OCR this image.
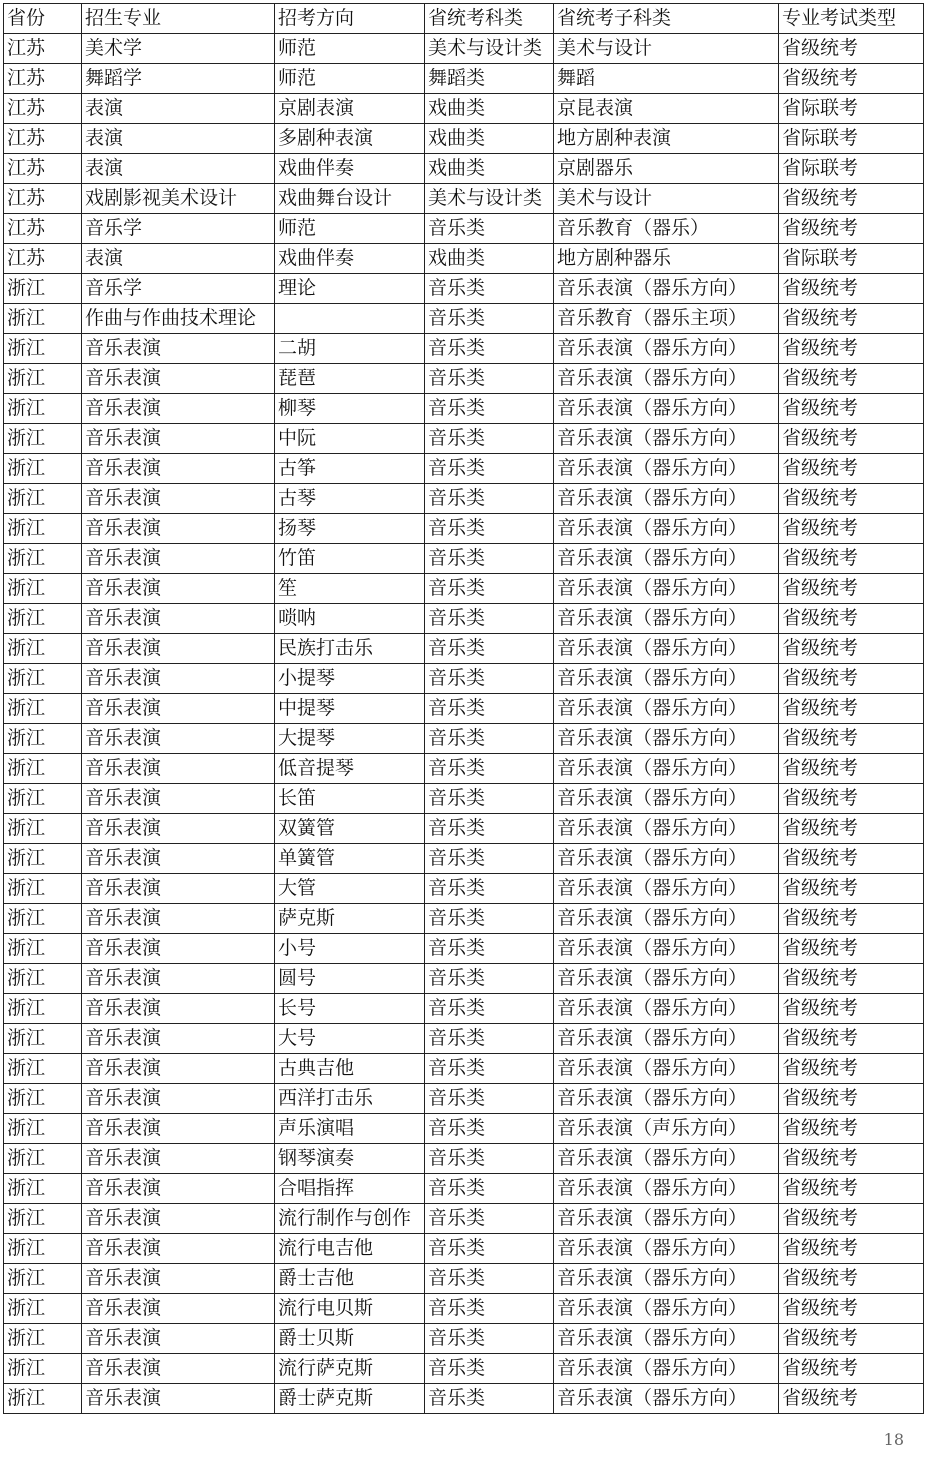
省份	招生专业	招考方向	省统考科类	省统考子科类	专业考试类型
江苏	美术学	师范	美术与设计类	美术与设计	省级统考
江苏	舞蹈学	师范	舞蹈类	舞蹈	省级统考
江苏	表演	京剧表演	戏曲类	京昆表演	省际联考
江苏	表演	多剧种表演	戏曲类	地方剧种表演	省际联考
江苏	表演	戏曲伴奏	戏曲类	京剧器乐	省际联考
江苏	戏剧影视美术设计	戏曲舞台设计	美术与设计类	美术与设计	省级统考
江苏	音乐学	师范	音乐类	音乐教育（器乐）	省级统考
江苏	表演	戏曲伴奏	戏曲类	地方剧种器乐	省际联考
浙江	音乐学	理论	音乐类	音乐表演（器乐方向）	省级统考
浙江	作曲与作曲技术理论		音乐类	音乐教育（器乐主项）	省级统考
浙江	音乐表演	二胡	音乐类	音乐表演（器乐方向）	省级统考
浙江	音乐表演	琵琶	音乐类	音乐表演（器乐方向）	省级统考
浙江	音乐表演	柳琴	音乐类	音乐表演（器乐方向）	省级统考
浙江	音乐表演	中阮	音乐类	音乐表演（器乐方向）	省级统考
浙江	音乐表演	古筝	音乐类	音乐表演（器乐方向）	省级统考
浙江	音乐表演	古琴	音乐类	音乐表演（器乐方向）	省级统考
浙江	音乐表演	扬琴	音乐类	音乐表演（器乐方向）	省级统考
浙江	音乐表演	竹笛	音乐类	音乐表演（器乐方向）	省级统考
浙江	音乐表演	笙	音乐类	音乐表演（器乐方向）	省级统考
浙江	音乐表演	唢呐	音乐类	音乐表演（器乐方向）	省级统考
浙江	音乐表演	民族打击乐	音乐类	音乐表演（器乐方向）	省级统考
浙江	音乐表演	小提琴	音乐类	音乐表演（器乐方向）	省级统考
浙江	音乐表演	中提琴	音乐类	音乐表演（器乐方向）	省级统考
浙江	音乐表演	大提琴	音乐类	音乐表演（器乐方向）	省级统考
浙江	音乐表演	低音提琴	音乐类	音乐表演（器乐方向）	省级统考
浙江	音乐表演	长笛	音乐类	音乐表演（器乐方向）	省级统考
浙江	音乐表演	双簧管	音乐类	音乐表演（器乐方向）	省级统考
浙江	音乐表演	单簧管	音乐类	音乐表演（器乐方向）	省级统考
浙江	音乐表演	大管	音乐类	音乐表演（器乐方向）	省级统考
浙江	音乐表演	萨克斯	音乐类	音乐表演（器乐方向）	省级统考
浙江	音乐表演	小号	音乐类	音乐表演（器乐方向）	省级统考
浙江	音乐表演	圆号	音乐类	音乐表演（器乐方向）	省级统考
浙江	音乐表演	长号	音乐类	音乐表演（器乐方向）	省级统考
浙江	音乐表演	大号	音乐类	音乐表演（器乐方向）	省级统考
浙江	音乐表演	古典吉他	音乐类	音乐表演（器乐方向）	省级统考
浙江	音乐表演	西洋打击乐	音乐类	音乐表演（器乐方向）	省级统考
浙江	音乐表演	声乐演唱	音乐类	音乐表演（声乐方向）	省级统考
浙江	音乐表演	钢琴演奏	音乐类	音乐表演（器乐方向）	省级统考
浙江	音乐表演	合唱指挥	音乐类	音乐表演（器乐方向）	省级统考
浙江	音乐表演	流行制作与创作	音乐类	音乐表演（器乐方向）	省级统考
浙江	音乐表演	流行电吉他	音乐类	音乐表演（器乐方向）	省级统考
浙江	音乐表演	爵士吉他	音乐类	音乐表演（器乐方向）	省级统考
浙江	音乐表演	流行电贝斯	音乐类	音乐表演（器乐方向）	省级统考
浙江	音乐表演	爵士贝斯	音乐类	音乐表演（器乐方向）	省级统考
浙江	音乐表演	流行萨克斯	音乐类	音乐表演（器乐方向）	省级统考
浙江	音乐表演	爵士萨克斯	音乐类	音乐表演（器乐方向）	省级统考
18
